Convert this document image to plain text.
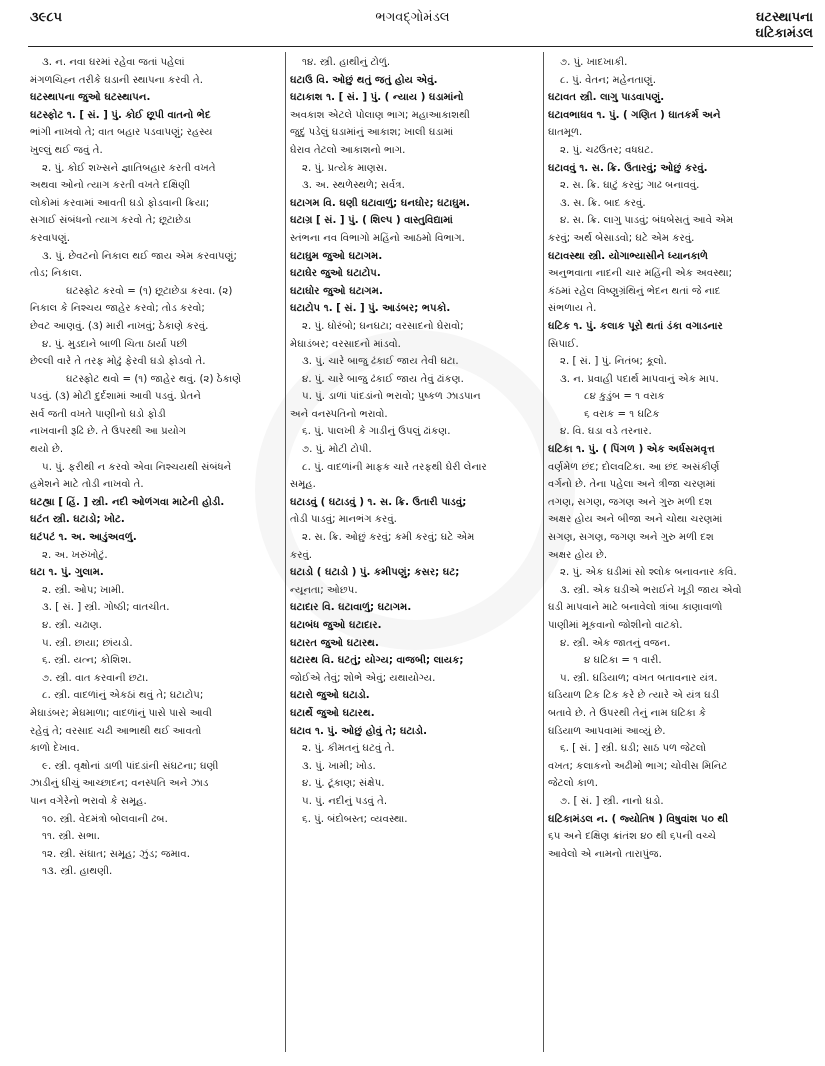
૩૯૮૫	ભગવદ્ગોમંડલ	ઘટસ્થાપના
ઘટિકામંડલ
૩. ન. નવા ઘરમાં રહેવા જતાં પહેલાં
મંગળચિહ્ન તરીકે ઘડાની સ્થાપના કરવી તે.
ઘટસ્થાપના જુઓ ઘટસ્થાપન.
ઘટસ્ફોટ ૧. [ સં. ] પું. કોઈ છૂપી વાતનો ભેદ
ભાંગી નાખવો તે; વાત બહાર પડવાપણું; રહસ્ય
ખુલ્લું થઈ જવું તે.
૨. પું. કોઈ શખ્સને જ્ઞાતિબહાર કરતી વખતે
અથવા ઓનો ત્યાગ કરતી વખતે દક્ષિણી
લોકોમાં કરવામાં આવતી ઘડો ફોડવાની ક્રિયા;
સગાઈ સંબંધનો ત્યાગ કરવો તે; છૂટાછેડા
કરવાપણું.
૩. પું. છેવટનો નિકાલ થઈ જાય એમ કરવાપણું;
તોડ; નિકાલ.
ઘટસ્ફોટ કરવો = (૧) છૂટાછેડા કરવા. (૨)
નિકાલ કે નિશ્ચય જાહેર કરવો; તોડ કરવો;
છેવટ આણવું. (૩) મારી નાખવું; ઠેકાણે કરવું.
૪. પું. મુડદાને બાળી ચિતા ઠાર્યા પછી
છેલ્લી વારે તે તરફ મોઢું ફેરવી ઘડો ફોડવો તે.
ઘટસ્ફોટ થવો = (૧) જાહેર થવું. (૨) ઠેકાણે
પડવું. (૩) મોટી દુર્દશામાં આવી પડવું. પ્રેતને
સર્વ જતી વખતે પાણીનો ઘડો ફોડી
નાખવાની રૂઢિ છે. તે ઉપરથી આ પ્રયોગ
થયો છે.
૫. પું. ફરીથી ન કરવો એવા નિશ્ચયથી સંબંધને
હમેશને માટે તોડી નાખવો તે.
ઘટહ્યા [ હિં. ] સ્ત્રી. નદી ઓળંગવા માટેની હોડી.
ઘટંત સ્ત્રી. ઘટાડો; ખોટ.
ઘટંપટં ૧. અ. આડુંઅવળું.
૨. અ. ખરુંખોટું.
ઘટા ૧. પું. ગુલામ.
૨. સ્ત્રી. ઓપ; ખામી.
૩. [ સં. ] સ્ત્રી. ગોષ્ઠી; વાતચીત.
૪. સ્ત્રી. ચઢાણ.
૫. સ્ત્રી. છાયા; છાંયડો.
૬. સ્ત્રી. યત્ન; કોશિશ.
૭. સ્ત્રી. વાત કરવાની છટા.
૮. સ્ત્રી. વાદળાંનું એકઠાં થવું તે; ઘટાટોપ;
મેઘાડંબર; મેઘમાળા; વાદળાંનું પાસે પાસે આવી
રહેવું તે; વરસાદ ચઢી આભાથી થઈ આવતો
કાળો દેખાવ.
૯. સ્ત્રી. વૃક્ષોનાં ડાળી પાંદડાંની સંઘટના; ઘણી
ઝાડીનું ઘીચું આચ્છાદન; વનસ્પતિ અને ઝાડ
પાન વગેરેનો ભરાવો કે સમૂહ.
૧૦. સ્ત્રી. વેદમંત્રો બોલવાની ઢબ.
૧૧. સ્ત્રી. સભા.
૧૨. સ્ત્રી. સંઘાત; સમૂહ; ઝુંડ; જમાવ.
૧૩. સ્ત્રી. હાથણી.
૧૪. સ્ત્રી. હાથીનું ટોળું.
ઘટાઉ વિ. ઓછું થતું જતું હોય એવું.
ઘટાકાશ ૧. [ સં. ] પું. ( ન્યાય ) ઘડામાંનો
અવકાશ એટલે પોલાણ ભાગ; મહાઆકાશથી
જુદું પડેલું ઘડામાંનું આકાશ; ખાલી ઘડામાં
ઘેરાવ તેટલો આકાશનો ભાગ.
૨. પું. પ્રત્યેક માણસ.
૩. અ. સ્થળેસ્થળે; સર્વત્ર.
ઘટાગમ વિ. ઘણી ઘટાવાળું; ઘનઘોર; ઘટાઘુમ.
ઘટાગ્ર [ સં. ] પું. ( શિલ્પ ) વાસ્તુવિદ્યામાં
સ્તંભના નવ વિભાગો મહિંનો આઠમો વિભાગ.
ઘટાઘુમ જુઓ ઘટાગમ.
ઘટાઘેર જુઓ ઘટાટોપ.
ઘટાઘોર જુઓ ઘટાગમ.
ઘટાટોપ ૧. [ સં. ] પું. આડંબર; ભપકો.
૨. પું. ઘોરંબો; ઘનઘટા; વરસાદનો ઘેરાવો;
મેઘાડંબર; વરસાદનો માંડવો.
૩. પું. ચારે બાજુ ઢંકાઈ જાય તેવી ઘટા.
૪. પું. ચારે બાજુ ઢંકાઈ જાય તેવું ઢાંકણ.
૫. પું. ડાળાં પાંદડાંનો ભરાવો; પુષ્કળ ઝાડપાન
અને વનસ્પતિનો ભરાવો.
૬. પું. પાલખી કે ગાડીનું ઉપલું ઢાંકણ.
૭. પું. મોટી ટોપી.
૮. પું. વાદળાંની માફક ચારે તરફથી ઘેરી લેનાર
સમૂહ.
ઘટાડવું ( ઘટાડવું ) ૧. સ. ક્રિ. ઉતારી પાડવું;
તોડી પાડવું; માનભંગ કરવું.
૨. સ. ક્રિ. ઓછું કરવું; કમી કરવું; ઘટે એમ
કરવું.
ઘટાડો ( ઘટાડો ) પું. કમીપણું; કસર; ઘટ;
ન્યૂનતા; ઓછપ.
ઘટાદાર વિ. ઘટાવાળું; ઘટાગમ.
ઘટાબંધ જુઓ ઘટાદાર.
ઘટારત જુઓ ઘટારથ.
ઘટારથ વિ. ઘટતું; યોગ્ય; વાજબી; લાયક;
જોઈએ તેવું; શોભે એવું; યથાયોગ્ય.
ઘટારો જુઓ ઘટાડો.
ઘટાર્થે જુઓ ઘટારથ.
ઘટાવ ૧. પું. ઓછું હોવું તે; ઘટાડો.
૨. પું. કીમતનું ઘટવું તે.
૩. પું. ખામી; ખોડ.
૪. પું. ટૂંકાણ; સંક્ષેપ.
૫. પું. નદીનું પડવું તે.
૬. પું. બંદોબસ્ત; વ્યવસ્થા.
૭. પું. ખાદખાકી.
૮. પું. વેતન; મહેનતાણું.
ઘટાવત સ્ત્રી. લાગુ પાડવાપણું.
ઘટાવભાઘવ ૧. પું. ( ગણિત ) ઘાતકર્મ અને
ઘાતમૂળ.
૨. પું. ચઢઉતર; વધઘટ.
ઘટાવવું ૧. સ. ક્રિ. ઉતારવું; ઓછું કરવું.
૨. સ. ક્રિ. ઘાટું કરવું; ગાઢ બનાવવું.
૩. સ. ક્રિ. બાદ કરવું.
૪. સ. ક્રિ. લાગુ પાડવું; બંધબેસતું આવે એમ
કરવું; અર્થ બેસાડવો; ઘટે એમ કરવું.
ઘટાવસ્થા સ્ત્રી. યોગાભ્યાસીને ધ્યાનકાળે
અનુભવાતા નાદની ચાર મહિંની એક અવસ્થા;
કંઠમાં રહેલ વિષ્ણુગ્રંથિનું ભેદન થતાં જે નાદ
સંભળાય તે.
ઘટિક ૧. પું. કલાક પૂરો થતાં ડંકા વગાડનાર
સિપાઈ.
૨. [ સં. ] પું. નિતંબ; કૂલો.
૩. ન. પ્રવાહી પદાર્થ માપવાનું એક માપ.
૮૪ કુડુંબ = ૧ વરાક
૬ વરાક = ૧ ઘટિક
૪. વિ. ઘડા વડે તરનાર.
ઘટિકા ૧. પું. ( પિંગળ ) એક અર્ધસમવૃત્ત
વર્ણમેળ છંદ; દોલવટિકા. આ છંદ અસંકીર્ણ
વર્ગનો છે. તેના પહેલા અને ત્રીજા ચરણમાં
તગણ, સગણ, જગણ અને ગુરુ મળી દશ
અક્ષર હોય અને બીજા અને ચોથા ચરણમાં
સગણ, સગણ, જગણ અને ગુરુ મળી દશ
અક્ષર હોય છે.
૨. પું. એક ઘડીમાં સો શ્લોક બનાવનાર કવિ.
૩. સ્ત્રી. એક ઘડીએ ભરાઈને ખૂડી જાય એવો
ઘડી માપવાને માટે બનાવેલો ત્રાંબા કાણાવાળો
પાણીમાં મૂકવાનો જોશીનો વાટકો.
૪. સ્ત્રી. એક જાતનું વજન.
૪ ઘટિકા = ૧ વારી.
૫. સ્ત્રી. ઘડિયાળ; વખત બતાવનાર યંત્ર.
ઘડિયાળ ટિક ટિક કરે છે ત્યારે એ યંત્ર ઘડી
બતાવે છે. તે ઉપરથી તેનું નામ ઘટિકા કે
ઘડિયાળ આપવામાં આવ્યું છે.
૬. [ સં. ] સ્ત્રી. ઘડી; સાઠ પળ જેટલો
વખત; કલાકનો અઢીમો ભાગ; ચોવીસ મિનિટ
જેટલો કાળ.
૭. [ સં. ] સ્ત્રી. નાનો ઘડો.
ઘટિકામંડલ ન. ( જ્યોતિષ ) વિષુવાંશ ૫૦ થી
૬૫ અને દક્ષિણ ક્રાંતંશ ૪૦ થી ૬૫ની વચ્ચે
આવેલો એ નામનો તારાપુંજ.
